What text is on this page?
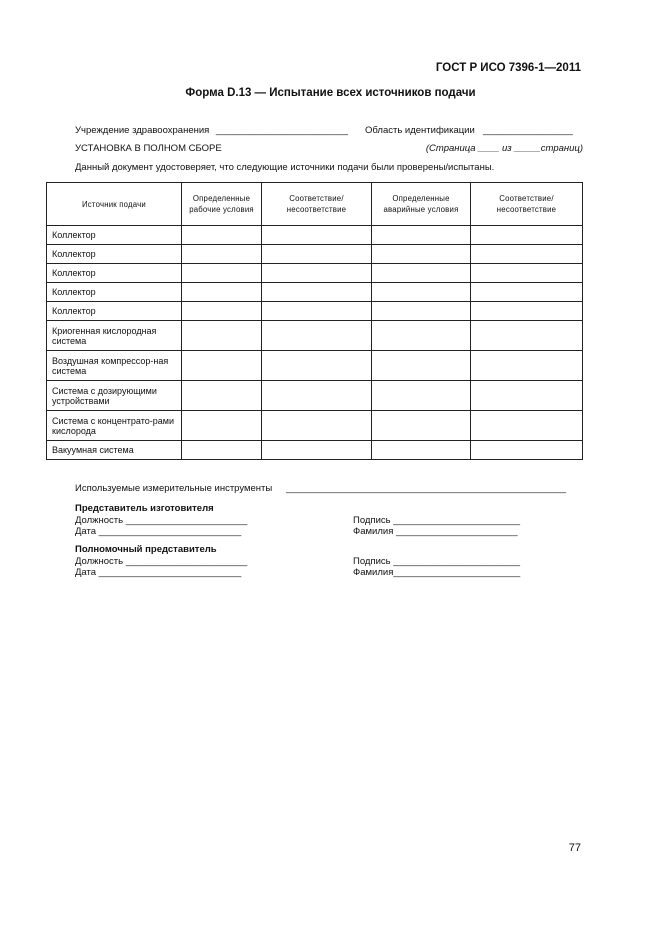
ГОСТ Р ИСО 7396-1—2011
Форма D.13 — Испытание всех источников подачи
Учреждение здравоохранения _________________________ Область идентификации _________________
УСТАНОВКА В ПОЛНОМ СБОРЕ	(Страница ____ из _____страниц)
Данный документ удостоверяет, что следующие источники подачи были проверены/испытаны.
Источник подачи	Определенные рабочие условия	Соответствие/ несоответствие	Определенные аварийные условия	Соответствие/ несоответствие
Коллектор				
Коллектор				
Коллектор				
Коллектор				
Коллектор				
Криогенная кислородная система				
Воздушная компрессор-ная система				
Система с дозирующими устройствами				
Система с концентрато-рами кислорода				
Вакуумная система				
Используемые измерительные инструменты _____________________________________________________
Представитель изготовителя
Должность _______________________
Дата ___________________________
Подпись ________________________
Фамилия _______________________
Полномочный представитель
Должность _______________________
Дата ___________________________
Подпись ________________________
Фамилия________________________
77
